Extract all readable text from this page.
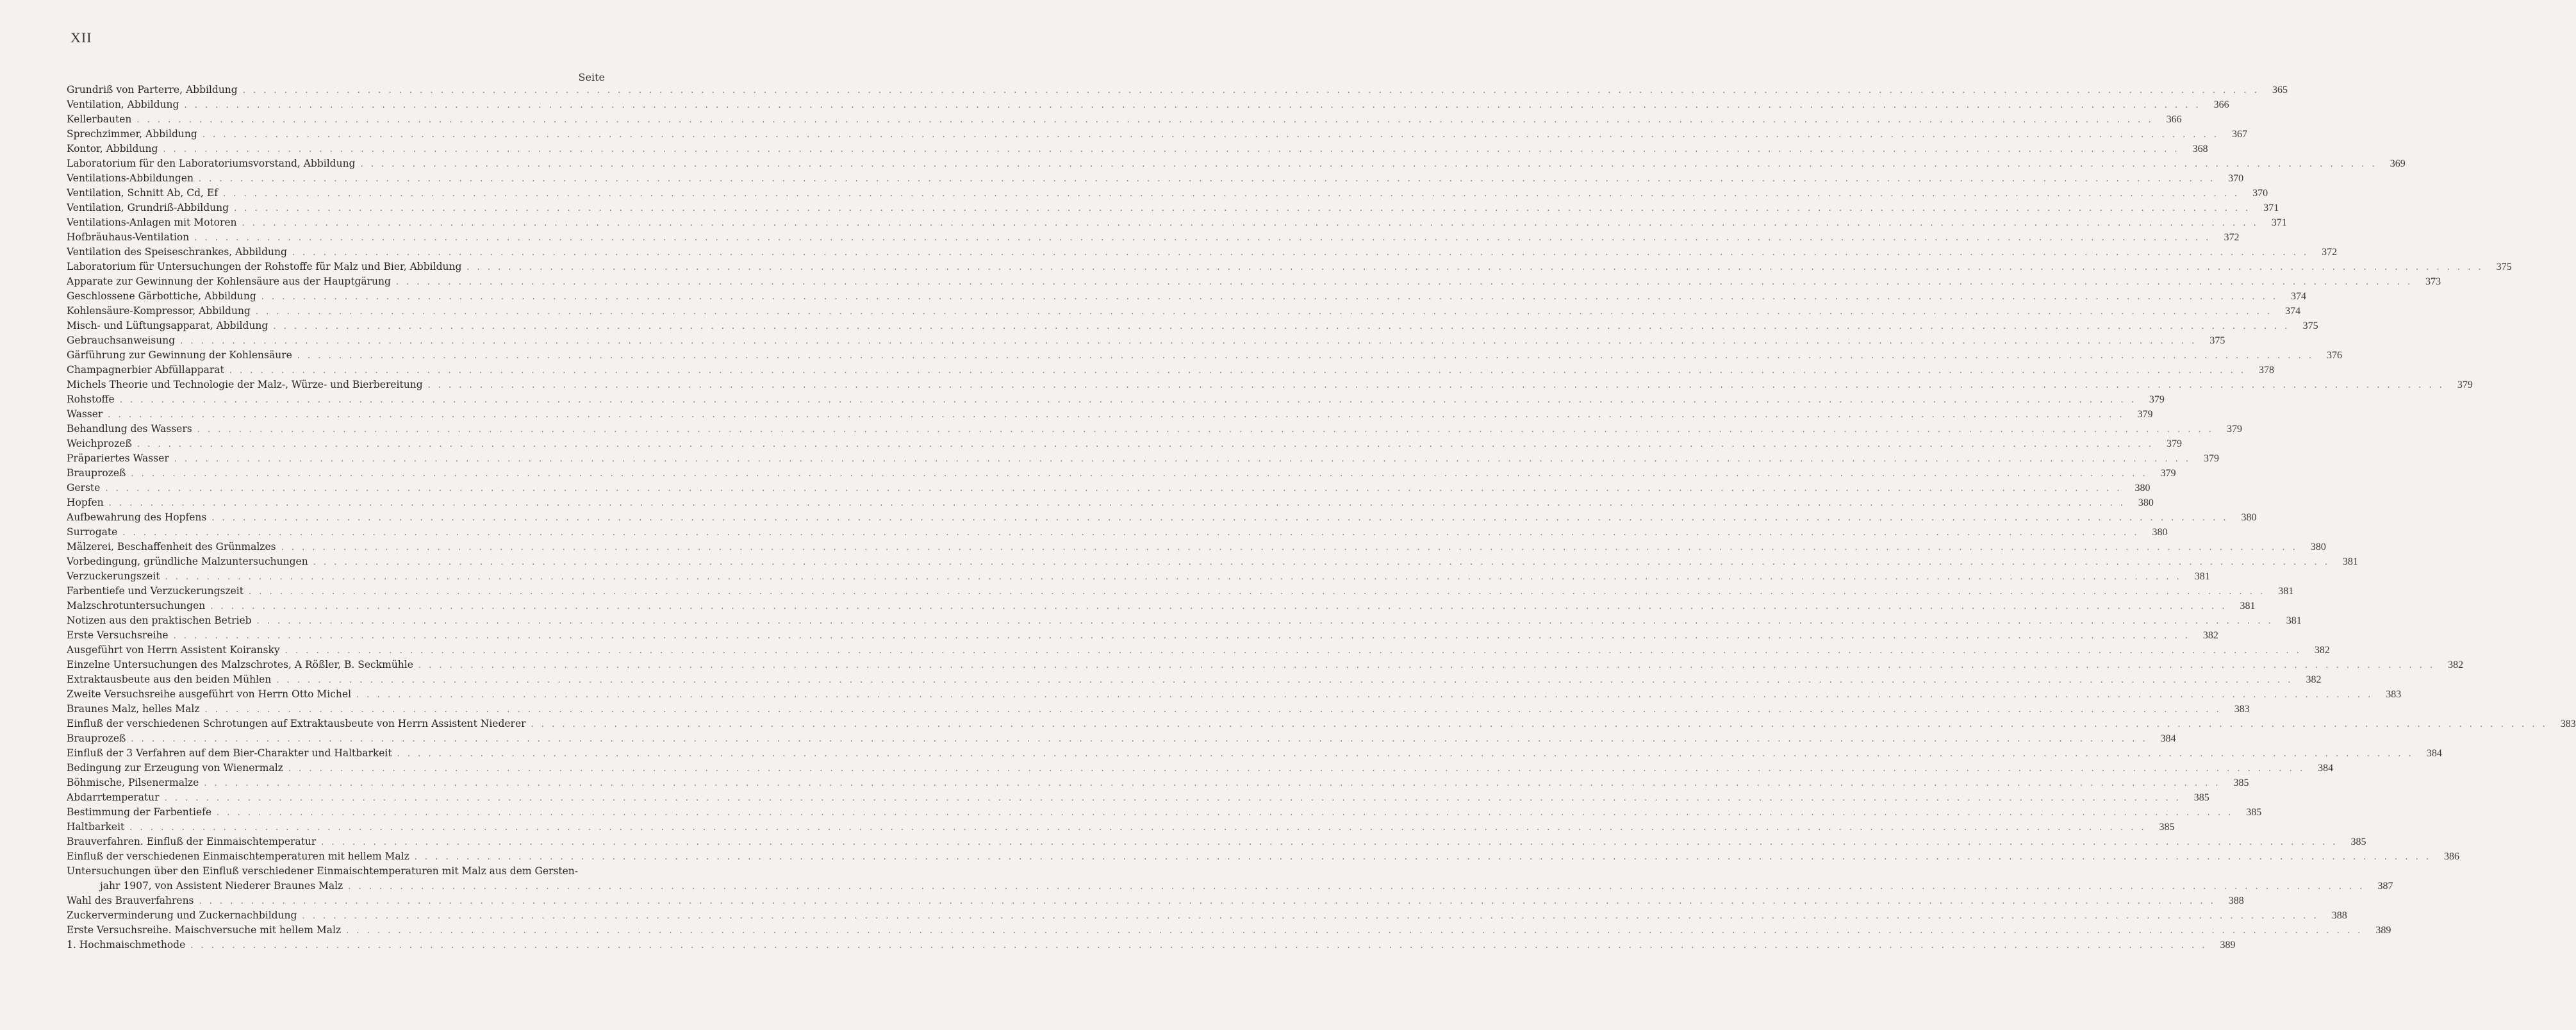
XII
Seite
Grundriß von Parterre, Abbildung . . .	365
Ventilation, Abbildung . . .	366
Kellerbauten . . .	366
Sprechzimmer, Abbildung . . .	367
Kontor, Abbildung . . .	368
Laboratorium für den Laboratoriumsvorstand, Abbildung . . .	369
Ventilations-Abbildungen . . .	370
Ventilation, Schnitt Ab, Cd, Ef . . .	370
Ventilation, Grundriß-Abbildung . . .	371
Ventilations-Anlagen mit Motoren . . .	371
Hofbräuhaus-Ventilation . . .	372
Ventilation des Speiseschrankes, Abbildung . . .	372
Laboratorium für Untersuchungen der Rohstoffe für Malz und Bier, Abbildung . . .	375
Apparate zur Gewinnung der Kohlensäure aus der Hauptgärung . . .	373
Geschlossene Gärbottiche, Abbildung . . .	374
Kohlensäure-Kompressor, Abbildung . . .	374
Misch- und Lüftungsapparat, Abbildung . . .	375
Gebrauchsanweisung . . .	375
Gärführung zur Gewinnung der Kohlensäure . . .	376
Champagnerbier Abfüllapparat . . .	378
Michels Theorie und Technologie der Malz-, Würze- und Bierbereitung . . .	379
Rohstoffe . . .	379
Wasser . . .	379
Behandlung des Wassers . . .	379
Weichprozeß . . .	379
Präpariertes Wasser . . .	379
Brauprozeß . . .	379
Gerste . . .	380
Hopfen . . .	380
Aufbewahrung des Hopfens . . .	380
Surrogate . . .	380
Mälzerei, Beschaffenheit des Grünmalzes . . .	380
Vorbedingung, gründliche Malzuntersuchungen . . .	381
Verzuckerungszeit . . .	381
Farbentiefe und Verzuckerungszeit . . .	381
Malzschrotuntersuchungen . . .	381
Notizen aus den praktischen Betrieb . . .	381
Erste Versuchsreihe . . .	382
Ausgeführt von Herrn Assistent Koiransky . . .	382
Einzelne Untersuchungen des Malzschrotes, A Rößler, B. Seckmühle . . .	382
Extraktausbeute aus den beiden Mühlen . . .	382
Zweite Versuchsreihe ausgeführt von Herrn Otto Michel . . .	383
Braunes Malz, helles Malz . . .	383
Einfluß der verschiedenen Schrotungen auf Extraktausbeute von Herrn Assistent Niederer . . .	383
Brauprozeß . . .	384
Einfluß der 3 Verfahren auf dem Bier-Charakter und Haltbarkeit . . .	384
Bedingung zur Erzeugung von Wienermalz . . .	384
Böhmische, Pilsenermalze . . .	385
Abdarrtemperatur . . .	385
Bestimmung der Farbentiefe . . .	385
Haltbarkeit . . .	385
Brauverfahren. Einfluß der Einmaischtemperatur . . .	385
Einfluß der verschiedenen Einmaischtemperaturen mit hellem Malz . . .	386
Untersuchungen über den Einfluß verschiedener Einmaischtemperaturen mit Malz aus dem Gersten-
jahr 1907, von Assistent Niederer Braunes Malz . . .	387
Wahl des Brauverfahrens . . .	388
Zuckerverminderung und Zuckernachbildung . . .	388
Erste Versuchsreihe. Maischversuche mit hellem Malz . . .	389
1. Hochmaischmethode . . .	389
